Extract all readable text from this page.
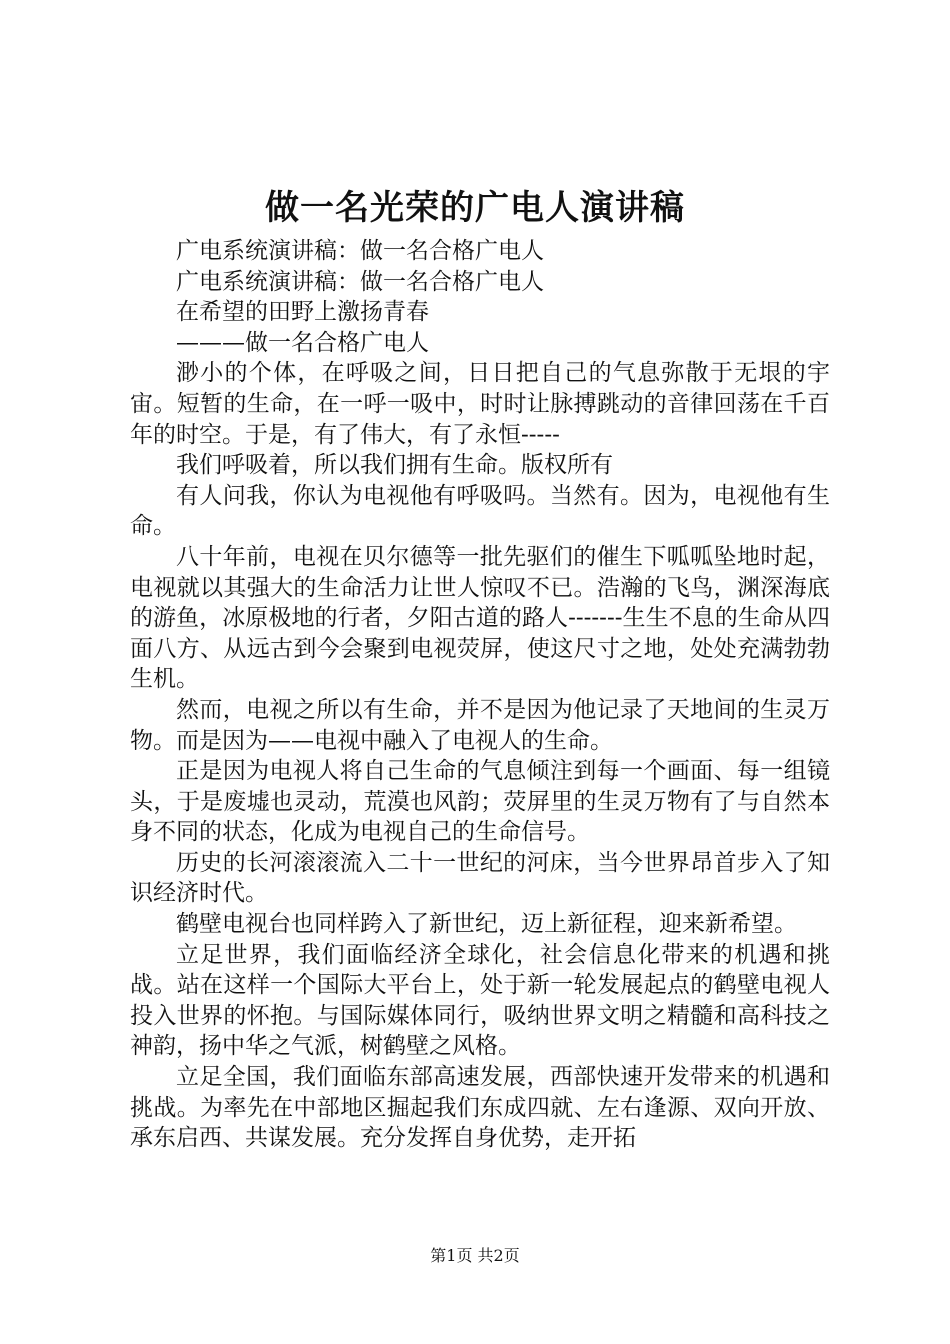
做一名光荣的广电人演讲稿

广电系统演讲稿：做一名合格广电人

广电系统演讲稿：做一名合格广电人

在希望的田野上激扬青春

———做一名合格广电人

渺小的个体，在呼吸之间，日日把自己的气息弥散于无垠的宇宙。短暂的生命，在一呼一吸中，时时让脉搏跳动的音律回荡在千百年的时空。于是，有了伟大，有了永恒-----

我们呼吸着，所以我们拥有生命。版权所有

有人问我，你认为电视他有呼吸吗。当然有。因为，电视他有生命。

八十年前，电视在贝尔德等一批先驱们的催生下呱呱坠地时起，电视就以其强大的生命活力让世人惊叹不已。浩瀚的飞鸟，渊深海底的游鱼，冰原极地的行者，夕阳古道的路人-------生生不息的生命从四面八方、从远古到今会聚到电视荧屏，使这尺寸之地，处处充满勃勃生机。

然而，电视之所以有生命，并不是因为他记录了天地间的生灵万物。而是因为——电视中融入了电视人的生命。

正是因为电视人将自己生命的气息倾注到每一个画面、每一组镜头，于是废墟也灵动，荒漠也风韵；荧屏里的生灵万物有了与自然本身不同的状态，化成为电视自己的生命信号。

历史的长河滚滚流入二十一世纪的河床，当今世界昂首步入了知识经济时代。

鹤壁电视台也同样跨入了新世纪，迈上新征程，迎来新希望。

立足世界，我们面临经济全球化，社会信息化带来的机遇和挑战。站在这样一个国际大平台上，处于新一轮发展起点的鹤壁电视人投入世界的怀抱。与国际媒体同行，吸纳世界文明之精髓和高科技之神韵，扬中华之气派，树鹤壁之风格。

立足全国，我们面临东部高速发展，西部快速开发带来的机遇和挑战。为率先在中部地区掘起我们东成四就、左右逢源、双向开放、承东启西、共谋发展。充分发挥自身优势，走开拓

第1页 共2页
